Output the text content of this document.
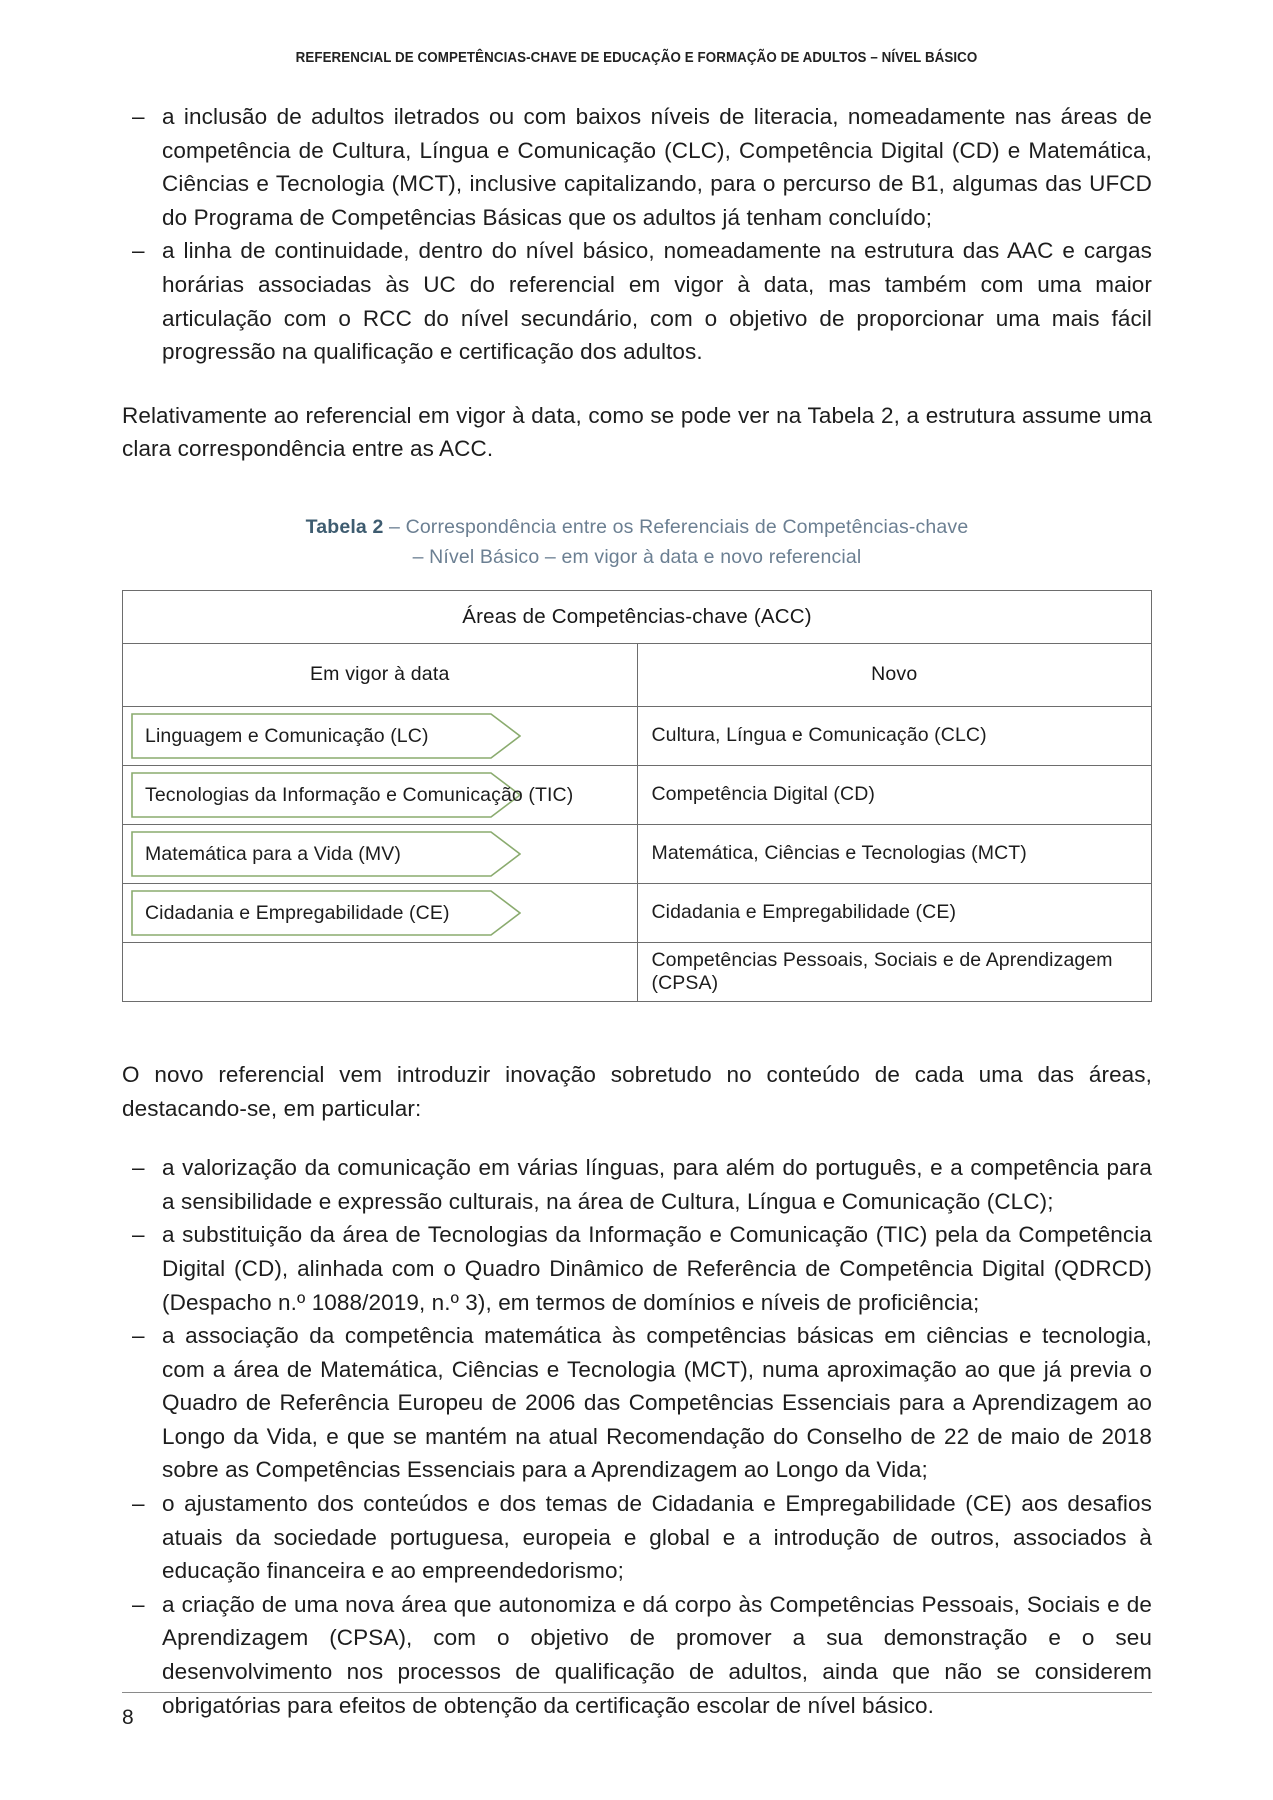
REFERENCIAL DE COMPETÊNCIAS-CHAVE DE EDUCAÇÃO E FORMAÇÃO DE ADULTOS – NÍVEL BÁSICO
– a inclusão de adultos iletrados ou com baixos níveis de literacia, nomeadamente nas áreas de competência de Cultura, Língua e Comunicação (CLC), Competência Digital (CD) e Matemática, Ciências e Tecnologia (MCT), inclusive capitalizando, para o percurso de B1, algumas das UFCD do Programa de Competências Básicas que os adultos já tenham concluído;
– a linha de continuidade, dentro do nível básico, nomeadamente na estrutura das AAC e cargas horárias associadas às UC do referencial em vigor à data, mas também com uma maior articulação com o RCC do nível secundário, com o objetivo de proporcionar uma mais fácil progressão na qualificação e certificação dos adultos.

Relativamente ao referencial em vigor à data, como se pode ver na Tabela 2, a estrutura assume uma clara correspondência entre as ACC.

Tabela 2 – Correspondência entre os Referenciais de Competências-chave
– Nível Básico – em vigor à data e novo referencial
Áreas de Competências-chave (ACC)	
Em vigor à data	Novo

Linguagem e Comunicação (LC)	Cultura, Língua e Comunicação (CLC)

Tecnologias da Informação e Comunicação (TIC)	Competência Digital (CD)

Matemática para a Vida (MV)	Matemática, Ciências e Tecnologias (MCT)

Cidadania e Empregabilidade (CE)	Cidadania e Empregabilidade (CE)
	Competências Pessoais, Sociais e de Aprendizagem (CPSA)

O novo referencial vem introduzir inovação sobretudo no conteúdo de cada uma das áreas, destacando-se, em particular:

– a valorização da comunicação em várias línguas, para além do português, e a competência para a sensibilidade e expressão culturais, na área de Cultura, Língua e Comunicação (CLC);
– a substituição da área de Tecnologias da Informação e Comunicação (TIC) pela da Competência Digital (CD), alinhada com o Quadro Dinâmico de Referência de Competência Digital (QDRCD) (Despacho n.º 1088/2019, n.º 3), em termos de domínios e níveis de proficiência;
– a associação da competência matemática às competências básicas em ciências e tecnologia, com a área de Matemática, Ciências e Tecnologia (MCT), numa aproximação ao que já previa o Quadro de Referência Europeu de 2006 das Competências Essenciais para a Aprendizagem ao Longo da Vida, e que se mantém na atual Recomendação do Conselho de 22 de maio de 2018 sobre as Competências Essenciais para a Aprendizagem ao Longo da Vida;
– o ajustamento dos conteúdos e dos temas de Cidadania e Empregabilidade (CE) aos desafios atuais da sociedade portuguesa, europeia e global e a introdução de outros, associados à educação financeira e ao empreendedorismo;
– a criação de uma nova área que autonomiza e dá corpo às Competências Pessoais, Sociais e de Aprendizagem (CPSA), com o objetivo de promover a sua demonstração e o seu desenvolvimento nos processos de qualificação de adultos, ainda que não se considerem obrigatórias para efeitos de obtenção da certificação escolar de nível básico.
8
